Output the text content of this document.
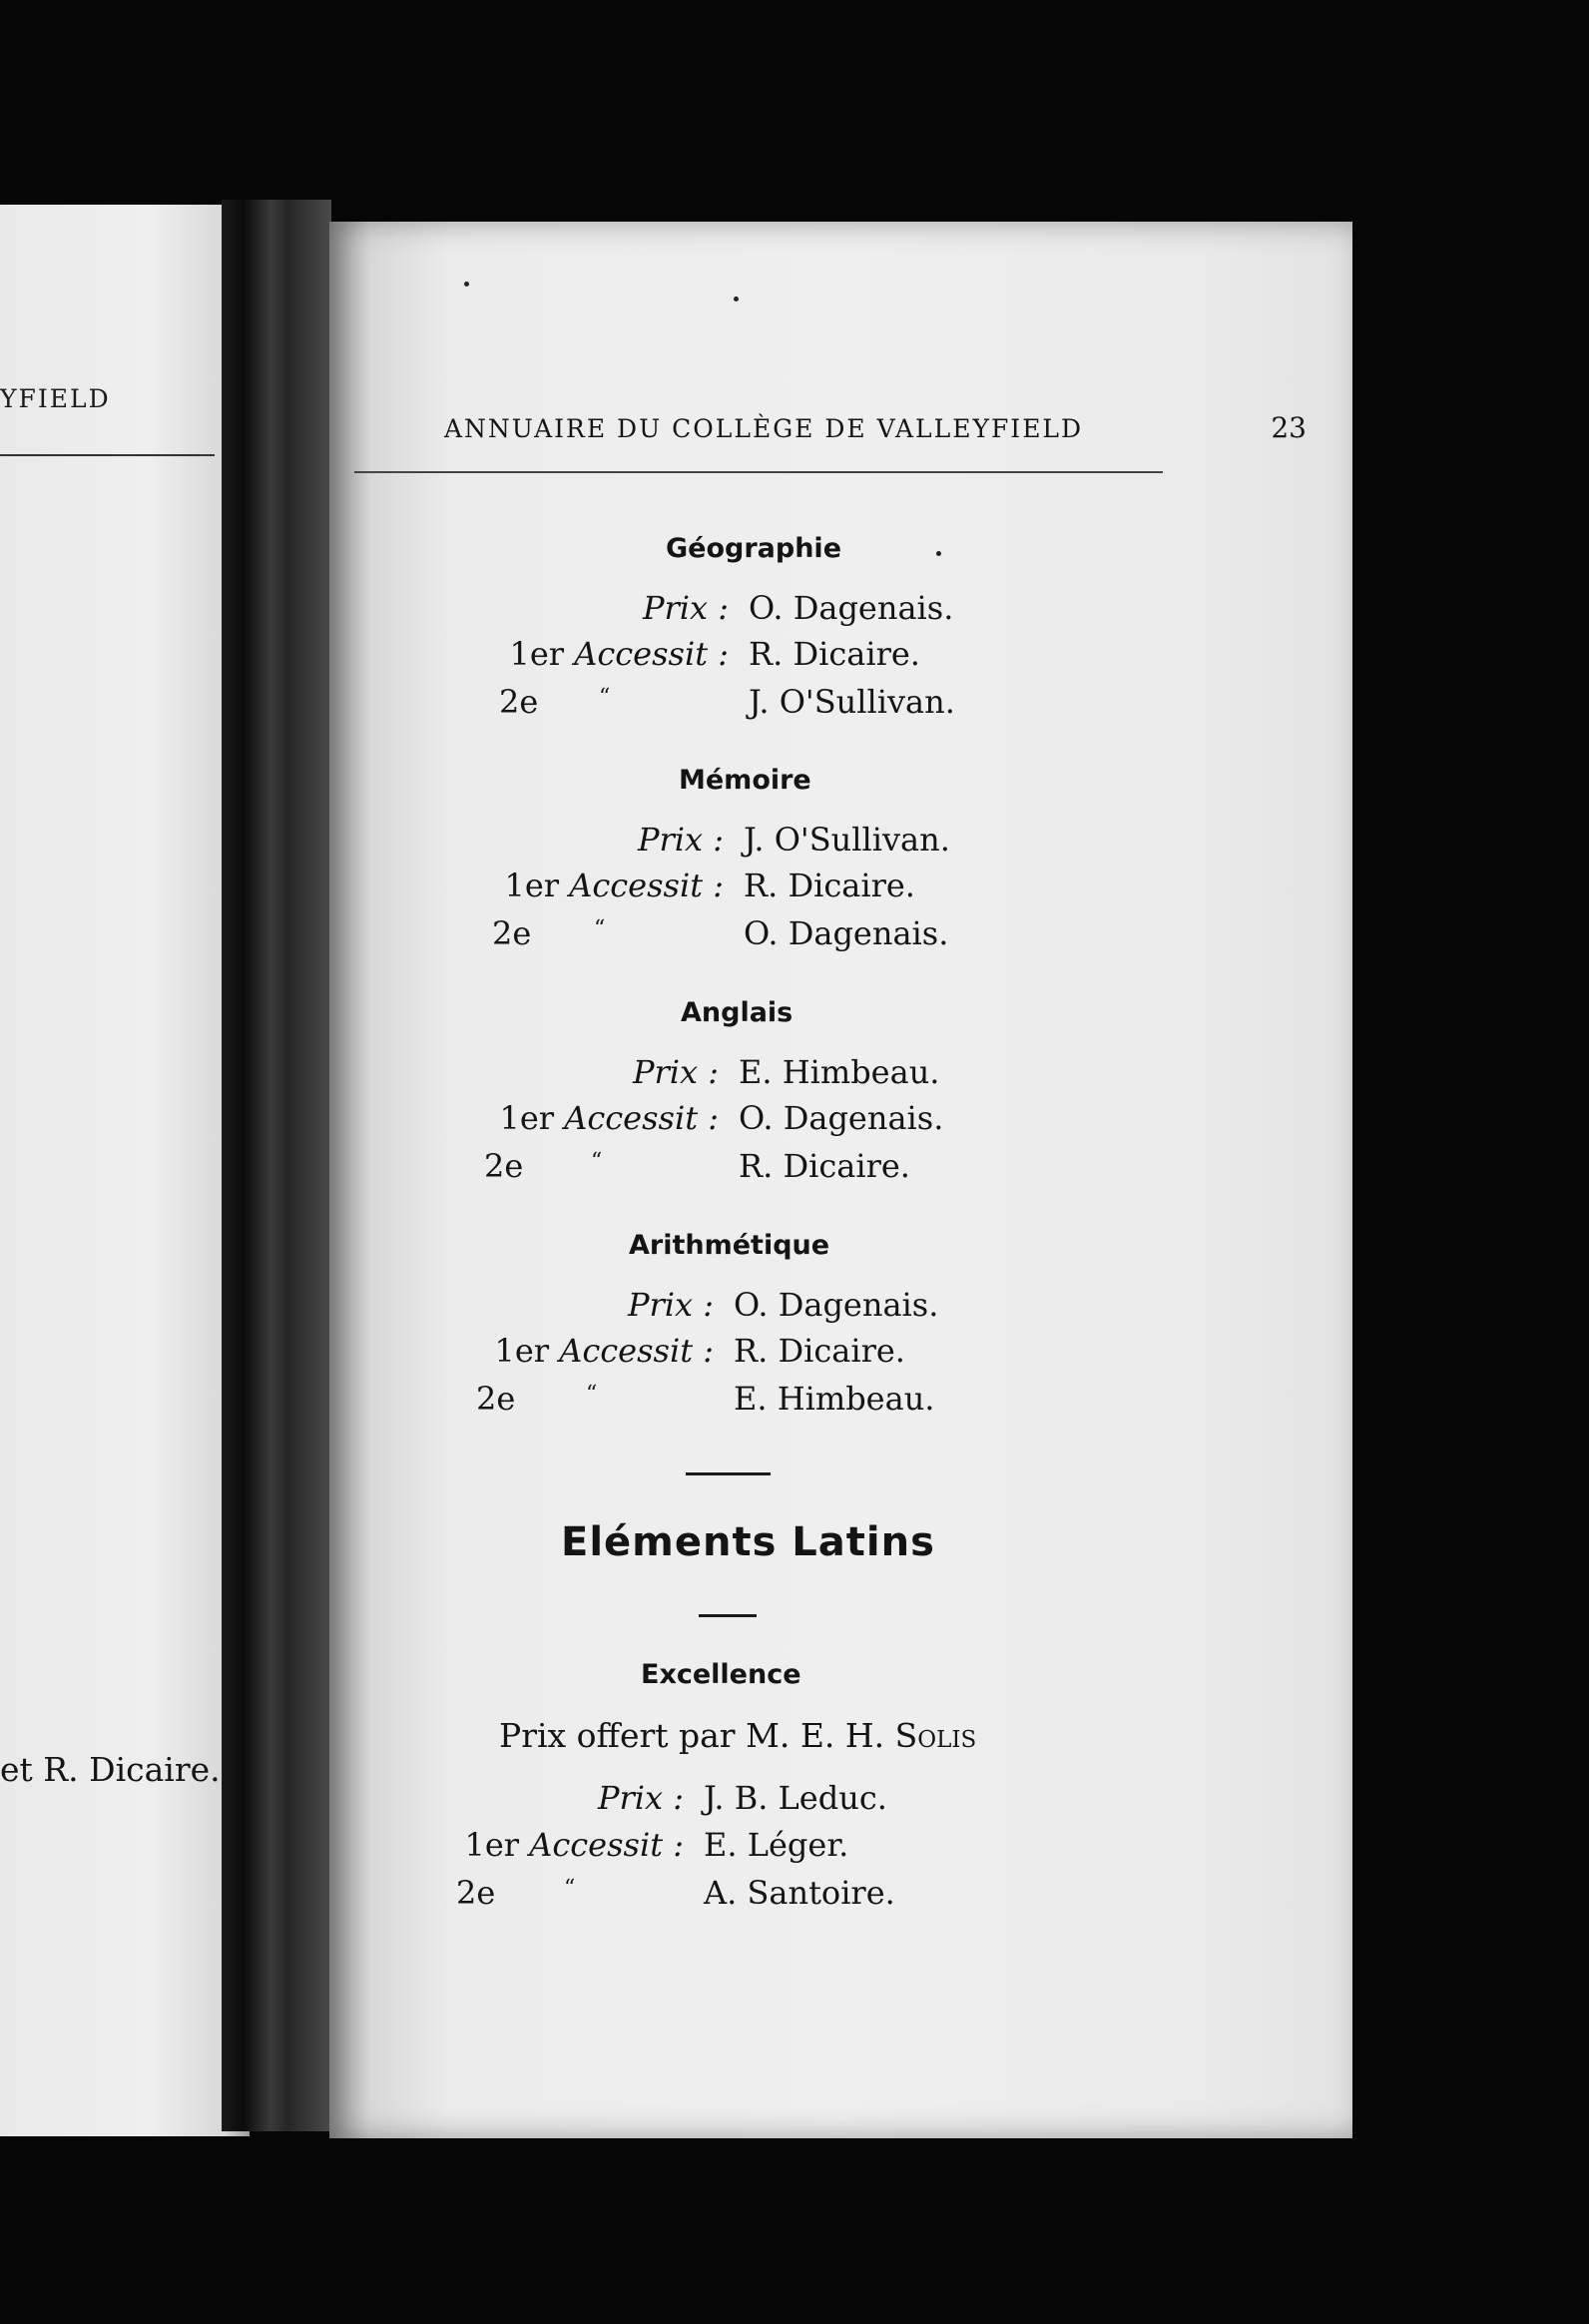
YFIELD
et R. Dicaire.
ANNUAIRE DU COLLÈGE DE VALLEYFIELD	23
Géographie
Prix : O. Dagenais.
1er Accessit : R. Dicaire.
2e	“	J. O'Sullivan.
Mémoire
Prix : J. O'Sullivan.
1er Accessit : R. Dicaire.
2e	“	O. Dagenais.
Anglais
Prix : E. Himbeau.
1er Accessit : O. Dagenais.
2e	“	R. Dicaire.
Arithmétique
Prix : O. Dagenais.
1er Accessit : R. Dicaire.
2e	“	E. Himbeau.
Eléments Latins
Excellence
Prix offert par M. E. H. Solis
Prix : J. B. Leduc.
1er Accessit : E. Léger.
2e	“	A. Santoire.
